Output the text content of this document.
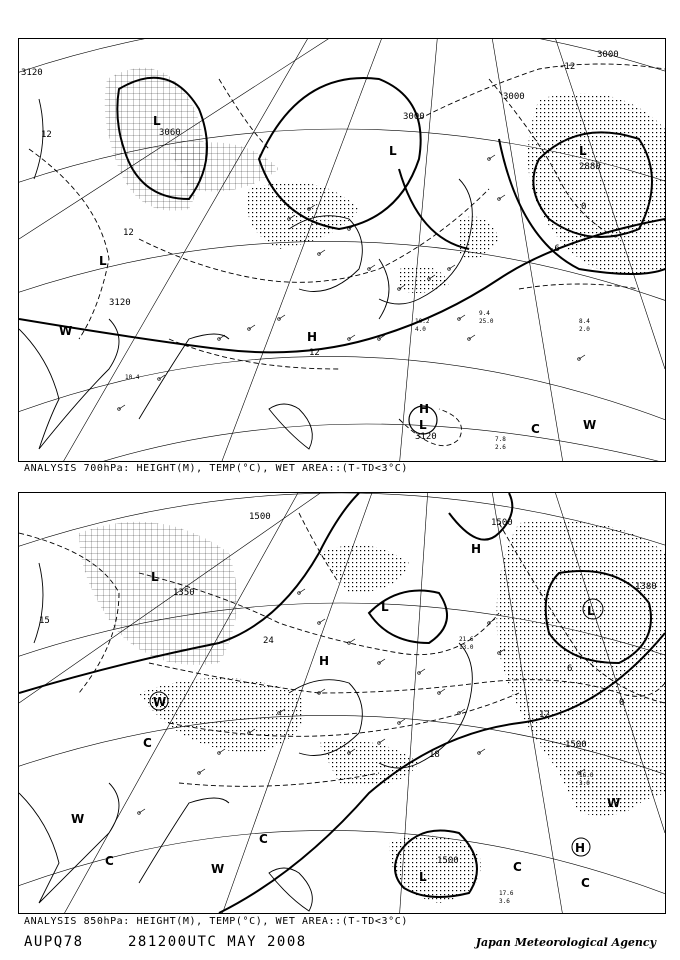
3120
3060
3000
3000
3000
2880
3120
3120
12
12
-12
0
-6
12
L
L	L
L
H
C	W
W
H
L
9.4
25.0	8.4
2.0
10.2
4.0
7.8
2.6
10.4
ANALYSIS 700hPa: HEIGHT(M), TEMP(°C), WET AREA::(T-TD<3°C)
1500
1500
1380
1350
1500
1500
24
12
18
15
6
0
H
L	L
L
H
W
C
W
C
W
C
C
H
L
W
C
21.6
13.0
16.0
3.0
17.6
3.6
ANALYSIS 850hPa: HEIGHT(M), TEMP(°C), WET AREA::(T-TD<3°C)
AUPQ78	281200UTC MAY 2008	Japan Meteorological Agency
